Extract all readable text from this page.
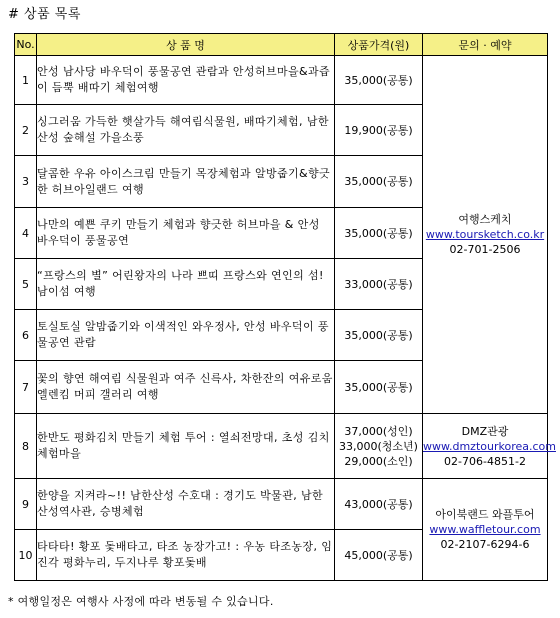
# 상품 목록
No.	상 품 명	상품가격(원)	문의 · 예약
1	안성 남사당 바우덕이 풍물공연 관람과 안성허브마을&과즙이 듬뿍 배따기 체험여행	35,000(공통)	여행스케치
www.toursketch.co.kr
02-701-2506

2	싱그러움 가득한 햇살가득 해여림식물원, 배따기체험, 남한산성 숲해설 가을소풍	19,900(공통)	

3	달콤한 우유 아이스크림 만들기 목장체험과 알방줍기&향긋한 허브아일랜드 여행	35,000(공통)	

4	나만의 예쁜 쿠키 만들기 체험과 향긋한 허브마을 & 안성 바우덕이 풍물공연	35,000(공통)	

5	“프랑스의 별” 어린왕자의 나라 쁘띠 프랑스와 연인의 섬! 남이섬 여행	33,000(공통)	

6	토실토실 알밤줍기와 이색적인 와우정사, 안성 바우덕이 풍물공연 관람	35,000(공통)	

7	꽃의 향연 해여림 식물원과 여주 신륵사, 차한잔의 여유로움 엘렌킴 머피 갤러리 여행	35,000(공통)	

8	한반도 평화김치 만들기 체험 투어 : 열쇠전망대, 초성 김치체험마을	37,000(성인)
33,000(청소년)
29,000(소인)	DMZ관광
www.dmztourkorea.com
02-706-4851-2

9	한양을 지켜라~!! 남한산성 수호대 : 경기도 박물관, 남한산성역사관, 승병체험	43,000(공통)	아이북랜드 와플투어
www.waffletour.com
02-2107-6294-6

10	타타타! 황포 돛배타고, 타조 농장가고! : 우농 타조농장, 임진각 평화누리, 두지나루 황포돛배	45,000(공통)	
* 여행일정은 여행사 사정에 따라 변동될 수 있습니다.
